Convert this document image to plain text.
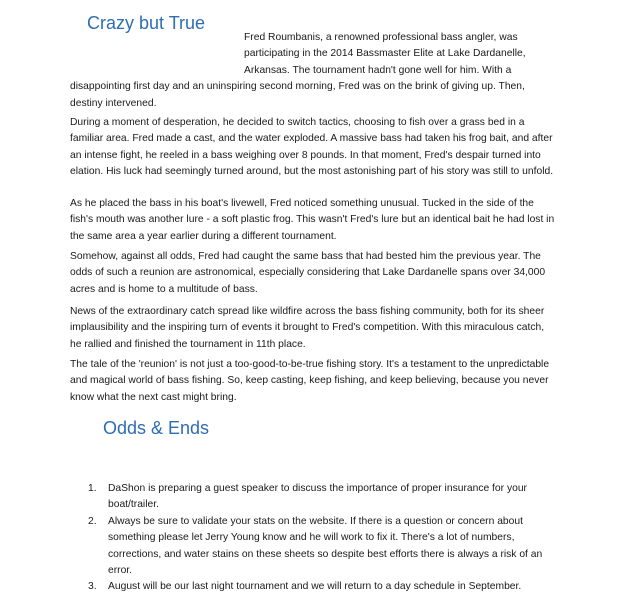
Crazy but True
Fred Roumbanis, a renowned professional bass angler, was
participating in the 2014 Bassmaster Elite at Lake Dardanelle,
Arkansas. The tournament hadn't gone well for him. With a
disappointing first day and an uninspiring second morning, Fred was on the brink of giving up. Then, destiny intervened.

During a moment of desperation, he decided to switch tactics, choosing to fish over a grass bed in a familiar area. Fred made a cast, and the water exploded. A massive bass had taken his frog bait, and after an intense fight, he reeled in a bass weighing over 8 pounds. In that moment, Fred's despair turned into elation. His luck had seemingly turned around, but the most astonishing part of his story was still to unfold.

As he placed the bass in his boat's livewell, Fred noticed something unusual. Tucked in the side of the fish's mouth was another lure - a soft plastic frog. This wasn't Fred's lure but an identical bait he had lost in the same area a year earlier during a different tournament.

Somehow, against all odds, Fred had caught the same bass that had bested him the previous year. The odds of such a reunion are astronomical, especially considering that Lake Dardanelle spans over 34,000 acres and is home to a multitude of bass.

News of the extraordinary catch spread like wildfire across the bass fishing community, both for its sheer implausibility and the inspiring turn of events it brought to Fred's competition. With this miraculous catch, he rallied and finished the tournament in 11th place.

The tale of the 'reunion' is not just a too-good-to-be-true fishing story. It's a testament to the unpredictable and magical world of bass fishing. So, keep casting, keep fishing, and keep believing, because you never know what the next cast might bring.

Odds & Ends
1. DaShon is preparing a guest speaker to discuss the importance of proper insurance for your boat/trailer.
2. Always be sure to validate your stats on the website. If there is a question or concern about something please let Jerry Young know and he will work to fix it. There's a lot of numbers, corrections, and water stains on these sheets so despite best efforts there is always a risk of an error.
3. August will be our last night tournament and we will return to a day schedule in September.
